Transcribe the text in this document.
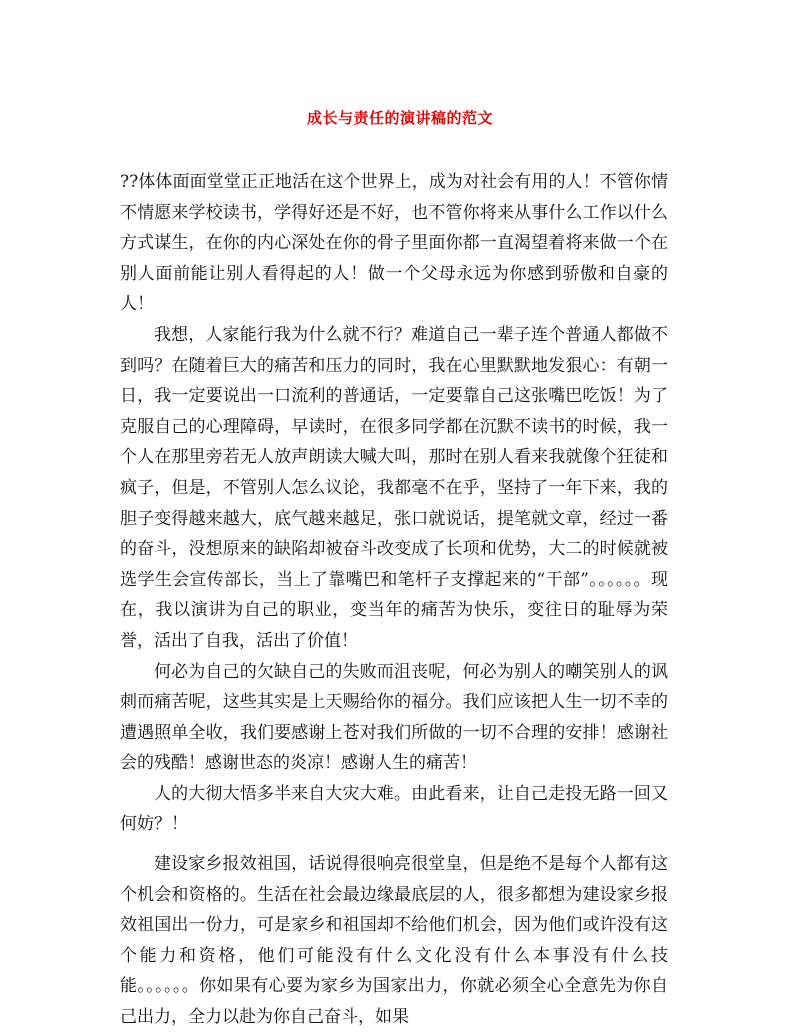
成长与责任的演讲稿的范文

??体体面面堂堂正正地活在这个世界上，成为对社会有用的人！不管你情不情愿来学校读书，学得好还是不好，也不管你将来从事什么工作以什么方式谋生，在你的内心深处在你的骨子里面你都一直渴望着将来做一个在别人面前能让别人看得起的人！做一个父母永远为你感到骄傲和自豪的人！

我想，人家能行我为什么就不行？难道自己一辈子连个普通人都做不到吗？在随着巨大的痛苦和压力的同时，我在心里默默地发狠心：有朝一日，我一定要说出一口流利的普通话，一定要靠自己这张嘴巴吃饭！为了克服自己的心理障碍，早读时，在很多同学都在沉默不读书的时候，我一个人在那里旁若无人放声朗读大喊大叫，那时在别人看来我就像个狂徒和疯子，但是，不管别人怎么议论，我都毫不在乎，坚持了一年下来，我的胆子变得越来越大，底气越来越足，张口就说话，提笔就文章，经过一番的奋斗，没想原来的缺陷却被奋斗改变成了长项和优势，大二的时候就被选学生会宣传部长，当上了靠嘴巴和笔杆子支撑起来的“干部”。。。。。。现在，我以演讲为自己的职业，变当年的痛苦为快乐，变往日的耻辱为荣誉，活出了自我，活出了价值！

何必为自己的欠缺自己的失败而沮丧呢，何必为别人的嘲笑别人的讽刺而痛苦呢，这些其实是上天赐给你的福分。我们应该把人生一切不幸的遭遇照单全收，我们要感谢上苍对我们所做的一切不合理的安排！感谢社会的残酷！感谢世态的炎凉！感谢人生的痛苦！

人的大彻大悟多半来自大灾大难。由此看来，让自己走投无路一回又何妨？！

建设家乡报效祖国，话说得很响亮很堂皇，但是绝不是每个人都有这个机会和资格的。生活在社会最边缘最底层的人，很多都想为建设家乡报效祖国出一份力，可是家乡和祖国却不给他们机会，因为他们或许没有这个能力和资格，他们可能没有什么文化没有什么本事没有什么技能。。。。。。你如果有心要为家乡为国家出力，你就必须全心全意先为你自己出力，全力以赴为你自己奋斗，如果
